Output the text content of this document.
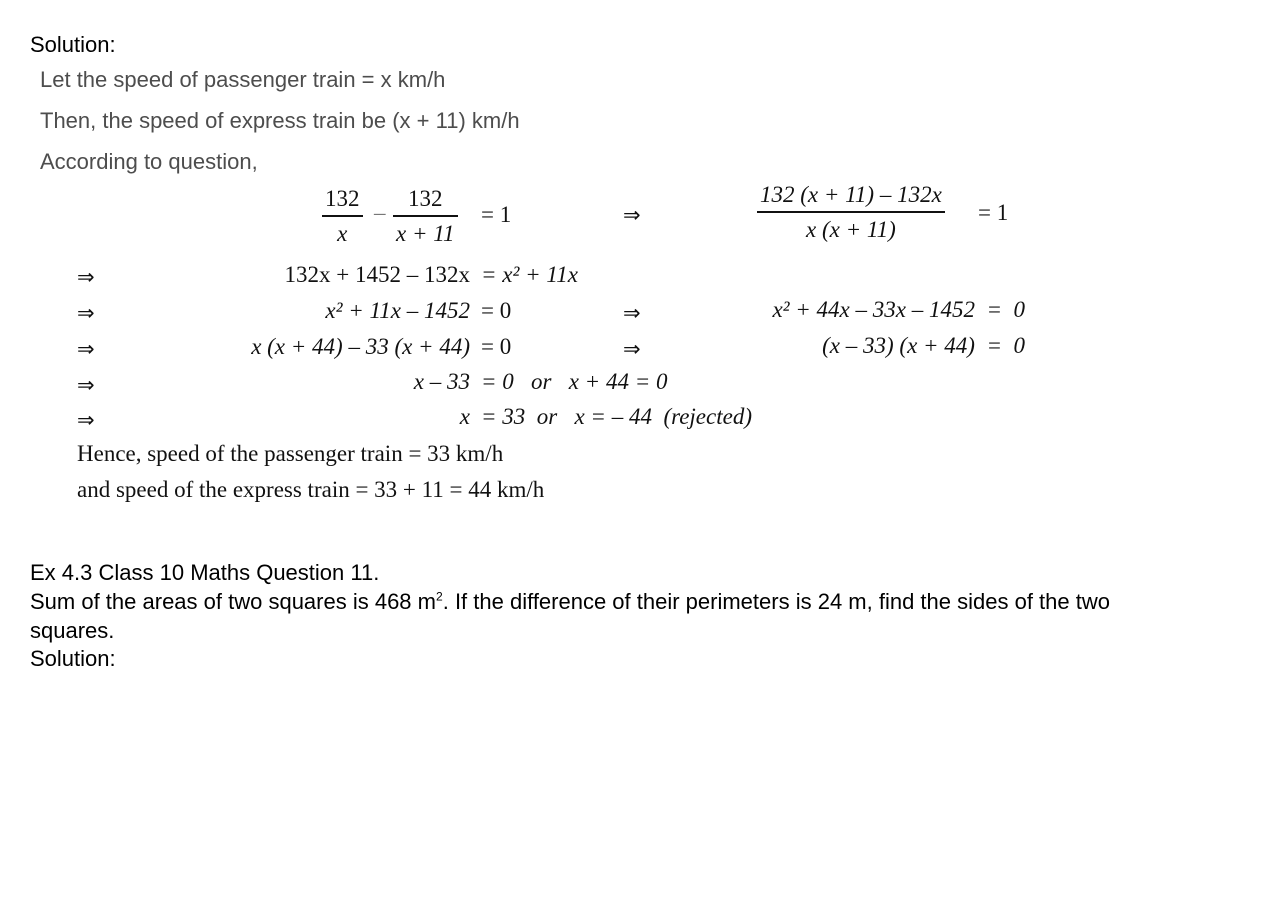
Solution:
Let the speed of passenger train = x km/h
Then, the speed of express train be (x + 11) km/h
According to question,
132
x
–
132
x + 11
= 1	⇒
132 (x + 11) – 132x
x (x + 11)
= 1
⇒	132x + 1452 – 132x = x² + 11x
⇒	x² + 11x – 1452 = 0	⇒	x² + 44x – 33x – 1452  =  0
⇒	x (x + 44) – 33 (x + 44) = 0	⇒	(x – 33) (x + 44)  =  0
⇒	x – 33 = 0   or   x + 44 = 0
⇒	x = 33  or   x = – 44  (rejected)
Hence, speed of the passenger train = 33 km/h
and speed of the express train = 33 + 11 = 44 km/h
Ex 4.3 Class 10 Maths Question 11.
Sum of the areas of two squares is 468 $m^2$. If the difference of their perimeters is 24 m, find the sides of the two
squares.
Solution:
